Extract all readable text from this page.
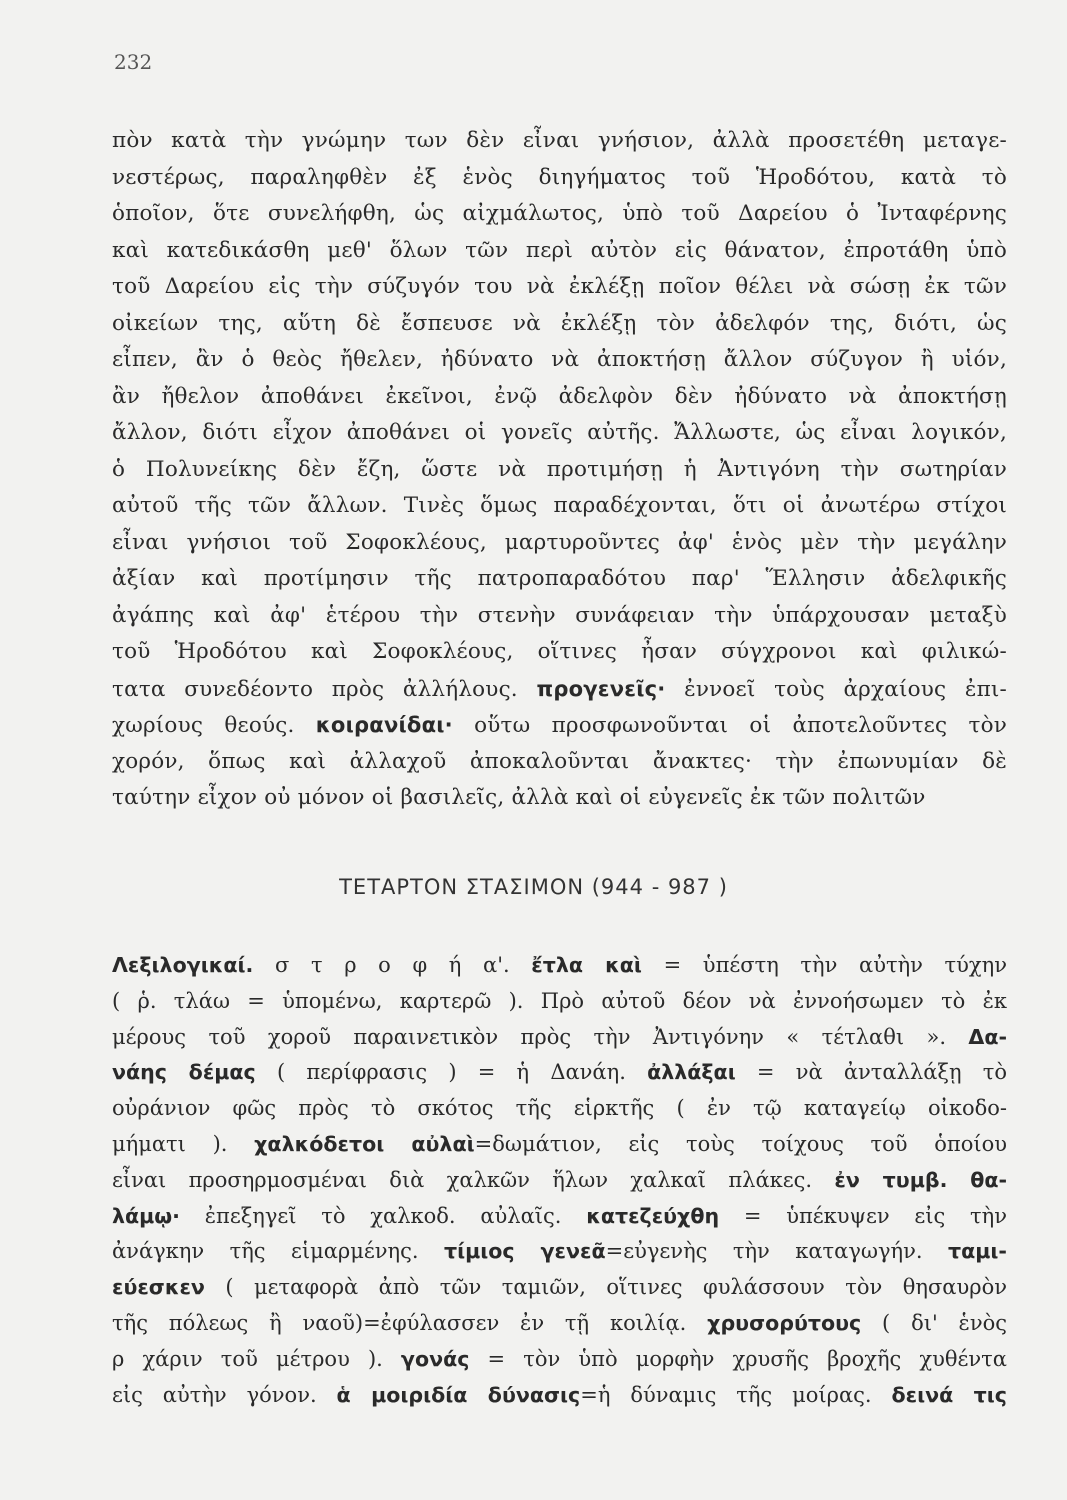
232
πὸν κατὰ τὴν γνώμην των δὲν εἶναι γνήσιον, ἀλλὰ προσετέθη μεταγε-
νεστέρως, παραληφθὲν ἐξ ἑνὸς διηγήματος τοῦ Ἡροδότου, κατὰ τὸ
ὁποῖον, ὅτε συνελήφθη, ὡς αἰχμάλωτος, ὑπὸ τοῦ Δαρείου ὁ Ἰνταφέρνης
καὶ κατεδικάσθη μεθ' ὅλων τῶν περὶ αὐτὸν εἰς θάνατον, ἐπροτάθη ὑπὸ
τοῦ Δαρείου εἰς τὴν σύζυγόν του νὰ ἐκλέξῃ ποῖον θέλει νὰ σώσῃ ἐκ τῶν
οἰκείων της, αὕτη δὲ ἔσπευσε νὰ ἐκλέξῃ τὸν ἀδελφόν της, διότι, ὡς
εἶπεν, ἂν ὁ θεὸς ἤθελεν, ἠδύνατο νὰ ἀποκτήσῃ ἄλλον σύζυγον ἢ υἱόν,
ἂν ἤθελον ἀποθάνει ἐκεῖνοι, ἐνῷ ἀδελφὸν δὲν ἠδύνατο νὰ ἀποκτήσῃ
ἄλλον, διότι εἶχον ἀποθάνει οἱ γονεῖς αὐτῆς. Ἄλλωστε, ὡς εἶναι λογικόν,
ὁ Πολυνείκης δὲν ἔζη, ὥστε νὰ προτιμήσῃ ἡ Ἀντιγόνη τὴν σωτηρίαν
αὐτοῦ τῆς τῶν ἄλλων. Τινὲς ὅμως παραδέχονται, ὅτι οἱ ἀνωτέρω στίχοι
εἶναι γνήσιοι τοῦ Σοφοκλέους, μαρτυροῦντες ἀφ' ἑνὸς μὲν τὴν μεγάλην
ἀξίαν καὶ προτίμησιν τῆς πατροπαραδότου παρ' Ἕλλησιν ἀδελφικῆς
ἀγάπης καὶ ἀφ' ἑτέρου τὴν στενὴν συνάφειαν τὴν ὑπάρχουσαν μεταξὺ
τοῦ Ἡροδότου καὶ Σοφοκλέους, οἵτινες ἦσαν σύγχρονοι καὶ φιλικώ-
τατα συνεδέοντο πρὸς ἀλλήλους. προγενεῖς· ἐννοεῖ τοὺς ἀρχαίους ἐπι-
χωρίους θεούς. κοιρανίδαι· οὕτω προσφωνοῦνται οἱ ἀποτελοῦντες τὸν
χορόν, ὅπως καὶ ἀλλαχοῦ ἀποκαλοῦνται ἄνακτες· τὴν ἐπωνυμίαν δὲ
ταύτην εἶχον οὐ μόνον οἱ βασιλεῖς, ἀλλὰ καὶ οἱ εὐγενεῖς ἐκ τῶν πολιτῶν
ΤΕΤΑΡΤΟΝ ΣΤΑΣΙΜΟΝ (944 - 987 )
Λεξιλογικαί. σ τ ρ ο φ ή α'. ἔτλα καὶ = ὑπέστη τὴν αὐτὴν τύχην
( ῥ. τλάω = ὑπομένω, καρτερῶ ). Πρὸ αὐτοῦ δέον νὰ ἐννοήσωμεν τὸ ἐκ
μέρους τοῦ χοροῦ παραινετικὸν πρὸς τὴν Ἀντιγόνην « τέτλαθι ». Δα-
νάης δέμας ( περίφρασις ) = ἡ Δανάη. ἀλλάξαι = νὰ ἀνταλλάξῃ τὸ
οὐράνιον φῶς πρὸς τὸ σκότος τῆς εἱρκτῆς ( ἐν τῷ καταγείῳ οἰκοδο-
μήματι ). χαλκόδετοι αὐλαὶ=δωμάτιον, εἰς τοὺς τοίχους τοῦ ὁποίου
εἶναι προσηρμοσμέναι διὰ χαλκῶν ἥλων χαλκαῖ πλάκες. ἐν τυμβ. θα-
λάμῳ· ἐπεξηγεῖ τὸ χαλκοδ. αὐλαῖς. κατεζεύχθη = ὑπέκυψεν εἰς τὴν
ἀνάγκην τῆς εἱμαρμένης. τίμιος γενεᾶ=εὐγενὴς τὴν καταγωγήν. ταμι-
εύεσκεν ( μεταφορὰ ἀπὸ τῶν ταμιῶν, οἵτινες φυλάσσουν τὸν θησαυρὸν
τῆς πόλεως ἢ ναοῦ)=ἐφύλασσεν ἐν τῇ κοιλίᾳ. χρυσορύτους ( δι' ἑνὸς
ρ χάριν τοῦ μέτρου ). γονάς = τὸν ὑπὸ μορφὴν χρυσῆς βροχῆς χυθέντα
εἰς αὐτὴν γόνον. ἁ μοιριδία δύνασις=ἡ δύναμις τῆς μοίρας. δεινά τις
